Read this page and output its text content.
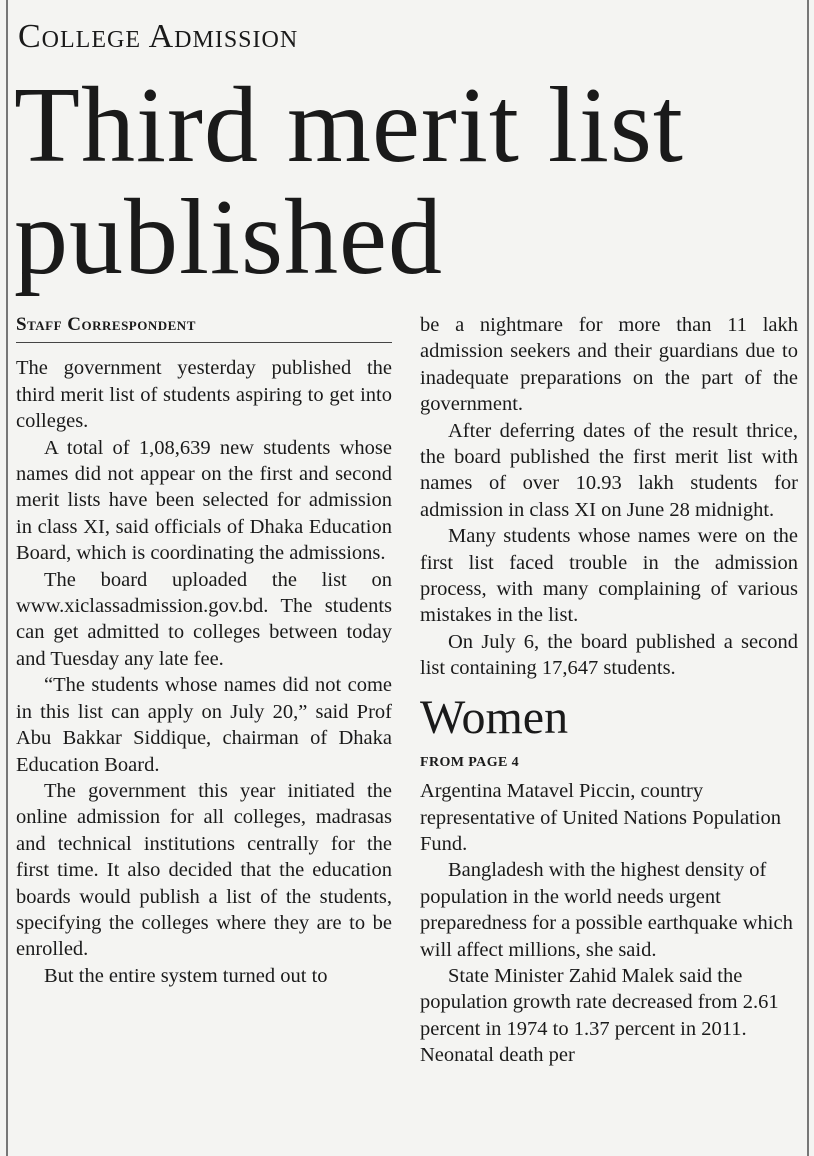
College Admission
Third merit list published
Staff Correspondent

The government yesterday published the third merit list of students aspiring to get into colleges.

A total of 1,08,639 new students whose names did not appear on the first and second merit lists have been selected for admission in class XI, said officials of Dhaka Education Board, which is coordinating the admissions.

The board uploaded the list on www.xiclassadmission.gov.bd. The students can get admitted to colleges between today and Tuesday any late fee.

“The students whose names did not come in this list can apply on July 20,” said Prof Abu Bakkar Siddique, chairman of Dhaka Education Board.

The government this year initiated the online admission for all colleges, madrasas and technical institutions centrally for the first time. It also decided that the education boards would publish a list of the students, specifying the colleges where they are to be enrolled.

But the entire system turned out to

be a nightmare for more than 11 lakh admission seekers and their guardians due to inadequate preparations on the part of the government.

After deferring dates of the result thrice, the board published the first merit list with names of over 10.93 lakh students for admission in class XI on June 28 midnight.

Many students whose names were on the first list faced trouble in the admission process, with many complaining of various mistakes in the list.

On July 6, the board published a second list containing 17,647 students.

Women
FROM PAGE 4

Argentina Matavel Piccin, country representative of United Nations Population Fund.

Bangladesh with the highest density of population in the world needs urgent preparedness for a possible earthquake which will affect millions, she said.

State Minister Zahid Malek said the population growth rate decreased from 2.61 percent in 1974 to 1.37 percent in 2011. Neonatal death per
